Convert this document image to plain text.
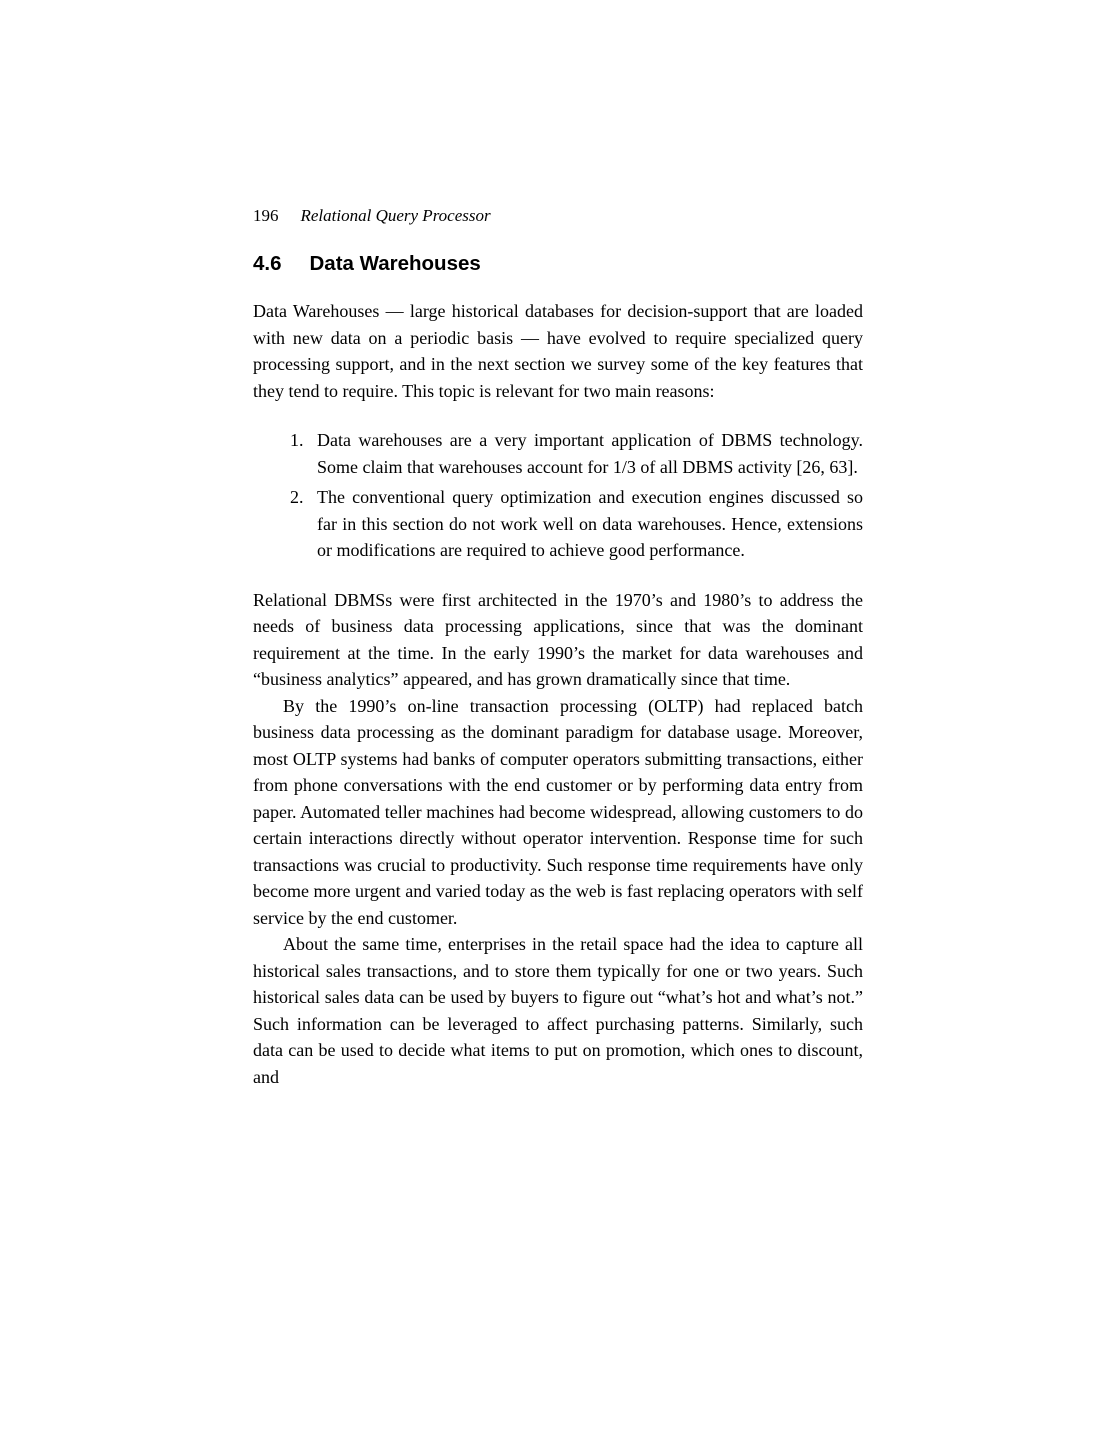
196 Relational Query Processor
4.6 Data Warehouses

Data Warehouses — large historical databases for decision-support that are loaded with new data on a periodic basis — have evolved to require specialized query processing support, and in the next section we survey some of the key features that they tend to require. This topic is relevant for two main reasons:

1. Data warehouses are a very important application of DBMS technology. Some claim that warehouses account for 1/3 of all DBMS activity [26, 63].
2. The conventional query optimization and execution engines discussed so far in this section do not work well on data warehouses. Hence, extensions or modifications are required to achieve good performance.

Relational DBMSs were first architected in the 1970’s and 1980’s to address the needs of business data processing applications, since that was the dominant requirement at the time. In the early 1990’s the market for data warehouses and “business analytics” appeared, and has grown dramatically since that time.

By the 1990’s on-line transaction processing (OLTP) had replaced batch business data processing as the dominant paradigm for database usage. Moreover, most OLTP systems had banks of computer operators submitting transactions, either from phone conversations with the end customer or by performing data entry from paper. Automated teller machines had become widespread, allowing customers to do certain interactions directly without operator intervention. Response time for such transactions was crucial to productivity. Such response time requirements have only become more urgent and varied today as the web is fast replacing operators with self service by the end customer.

About the same time, enterprises in the retail space had the idea to capture all historical sales transactions, and to store them typically for one or two years. Such historical sales data can be used by buyers to figure out “what’s hot and what’s not.” Such information can be leveraged to affect purchasing patterns. Similarly, such data can be used to decide what items to put on promotion, which ones to discount, and
